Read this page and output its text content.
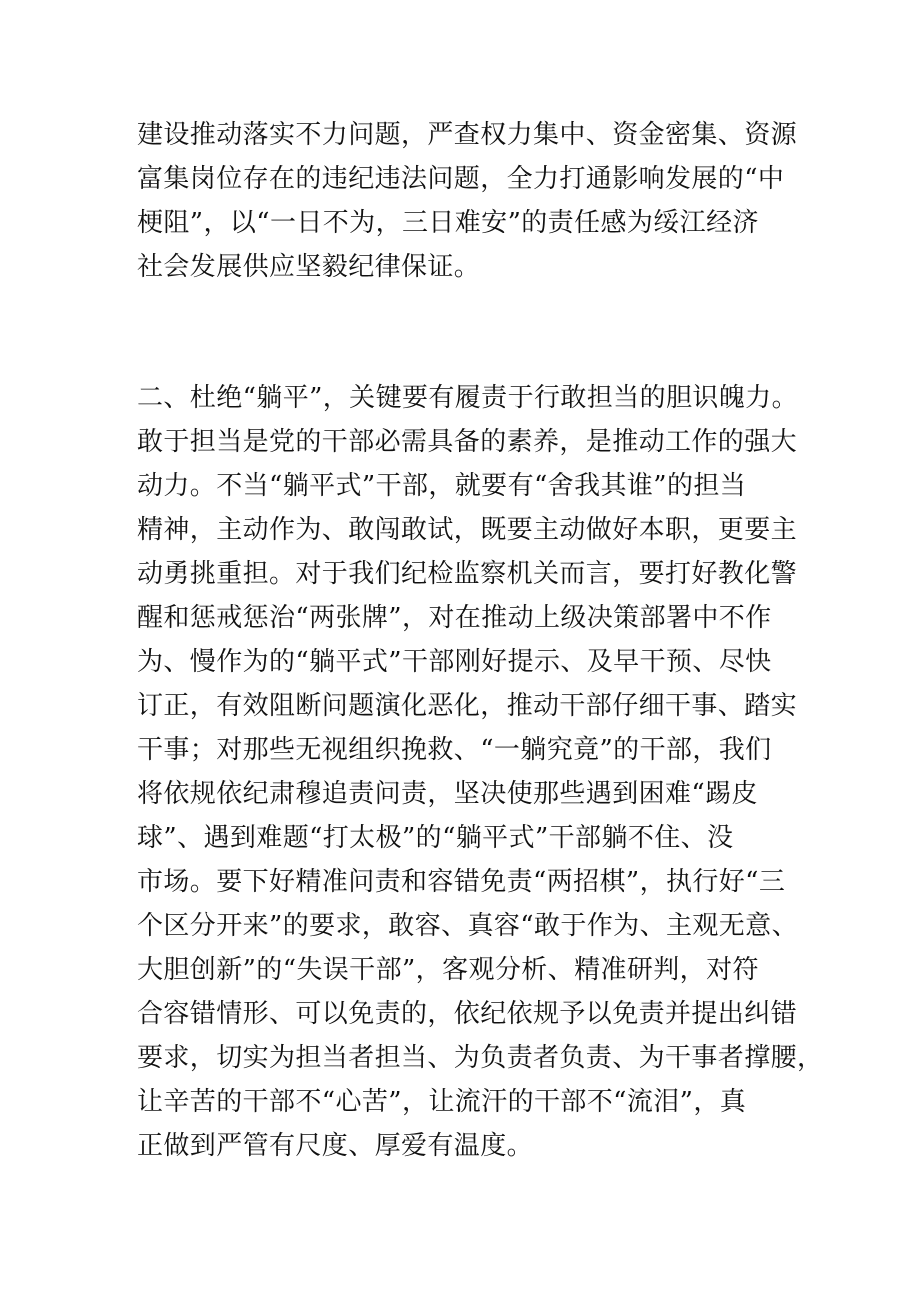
建设推动落实不力问题，严查权力集中、资金密集、资源
富集岗位存在的违纪违法问题，全力打通影响发展的“中
梗阻”，以“一日不为，三日难安”的责任感为绥江经济
社会发展供应坚毅纪律保证。
二、杜绝“躺平”，关键要有履责于行敢担当的胆识魄力。
敢于担当是党的干部必需具备的素养，是推动工作的强大
动力。不当“躺平式”干部，就要有“舍我其谁”的担当
精神，主动作为、敢闯敢试，既要主动做好本职，更要主
动勇挑重担。对于我们纪检监察机关而言，要打好教化警
醒和惩戒惩治“两张牌”，对在推动上级决策部署中不作
为、慢作为的“躺平式”干部刚好提示、及早干预、尽快
订正，有效阻断问题演化恶化，推动干部仔细干事、踏实
干事；对那些无视组织挽救、“一躺究竟”的干部，我们
将依规依纪肃穆追责问责，坚决使那些遇到困难“踢皮
球”、遇到难题“打太极”的“躺平式”干部躺不住、没
市场。要下好精准问责和容错免责“两招棋”，执行好“三
个区分开来”的要求，敢容、真容“敢于作为、主观无意、
大胆创新”的“失误干部”，客观分析、精准研判，对符
合容错情形、可以免责的，依纪依规予以免责并提出纠错
要求，切实为担当者担当、为负责者负责、为干事者撑腰，
让辛苦的干部不“心苦”，让流汗的干部不“流泪”，真
正做到严管有尺度、厚爱有温度。
